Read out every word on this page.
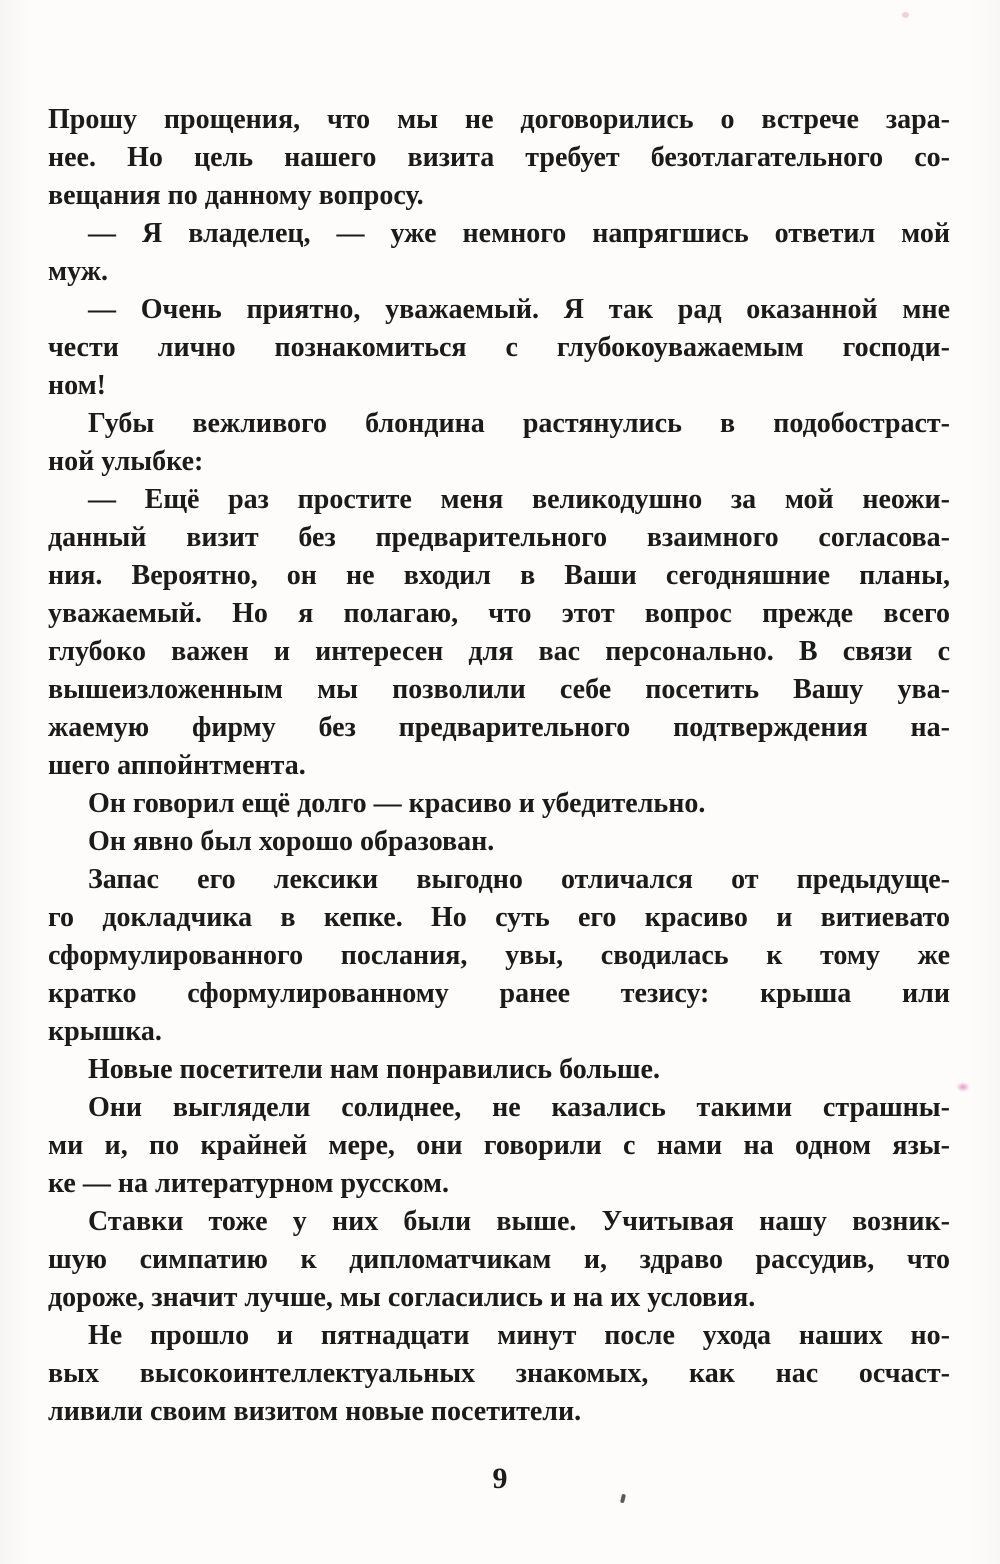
Прошу прощения, что мы не договорились о встрече зара-
нее. Но цель нашего визита требует безотлагательного со-
вещания по данному вопросу.
— Я владелец, — уже немного напрягшись ответил мой
муж.
— Очень приятно, уважаемый. Я так рад оказанной мне
чести лично познакомиться с глубокоуважаемым господи-
ном!
Губы вежливого блондина растянулись в подобостраст-
ной улыбке:
— Ещё раз простите меня великодушно за мой неожи-
данный визит без предварительного взаимного согласова-
ния. Вероятно, он не входил в Ваши сегодняшние планы,
уважаемый. Но я полагаю, что этот вопрос прежде всего
глубоко важен и интересен для вас персонально. В связи с
вышеизложенным мы позволили себе посетить Вашу ува-
жаемую фирму без предварительного подтверждения на-
шего аппойнтмента.
Он говорил ещё долго — красиво и убедительно.
Он явно был хорошо образован.
Запас его лексики выгодно отличался от предыдуще-
го докладчика в кепке. Но суть его красиво и витиевато
сформулированного послания, увы, сводилась к тому же
кратко сформулированному ранее тезису: крыша или
крышка.
Новые посетители нам понравились больше.
Они выглядели солиднее, не казались такими страшны-
ми и, по крайней мере, они говорили с нами на одном язы-
ке — на литературном русском.
Ставки тоже у них были выше. Учитывая нашу возник-
шую симпатию к дипломатчикам и, здраво рассудив, что
дороже, значит лучше, мы согласились и на их условия.
Не прошло и пятнадцати минут после ухода наших но-
вых высокоинтеллектуальных знакомых, как нас осчаст-
ливили своим визитом новые посетители.
9
